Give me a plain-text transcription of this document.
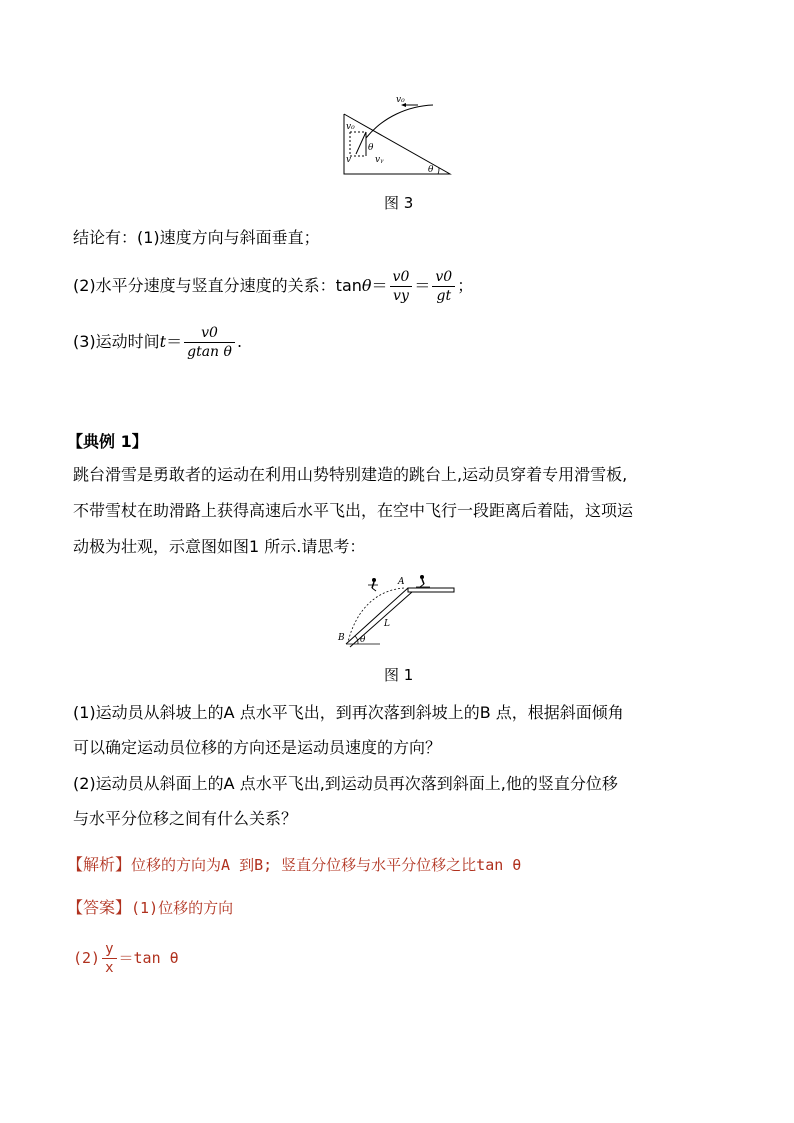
v₀
v₀
θ
v	vᵧ
θ
图 3
结论有：(1)速度方向与斜面垂直；
(2)水平分速度与竖直分速度的关系：$\tan \theta = \frac{v0}{vy} = \frac{v0}{gt}$ ；
(3)运动时间 $t = \frac{v0}{\text{gtan θ}}$ .
【典例 1】
跳台滑雪是勇敢者的运动在利用山势特别建造的跳台上,运动员穿着专用滑雪板,
不带雪杖在助滑路上获得高速后水平飞出，在空中飞行一段距离后着陆，这项运
动极为壮观，示意图如图1 所示.请思考：
A
B
L
θ
图 1
(1)运动员从斜坡上的A 点水平飞出，到再次落到斜坡上的B 点，根据斜面倾角
可以确定运动员位移的方向还是运动员速度的方向？
(2)运动员从斜面上的A 点水平飞出,到运动员再次落到斜面上,他的竖直分位移
与水平分位移之间有什么关系？
【解析】位移的方向为A 到B; 竖直分位移与水平分位移之比tan θ
【答案】(1)位移的方向
$(2) \frac{y}{x} =\tan$ θ
